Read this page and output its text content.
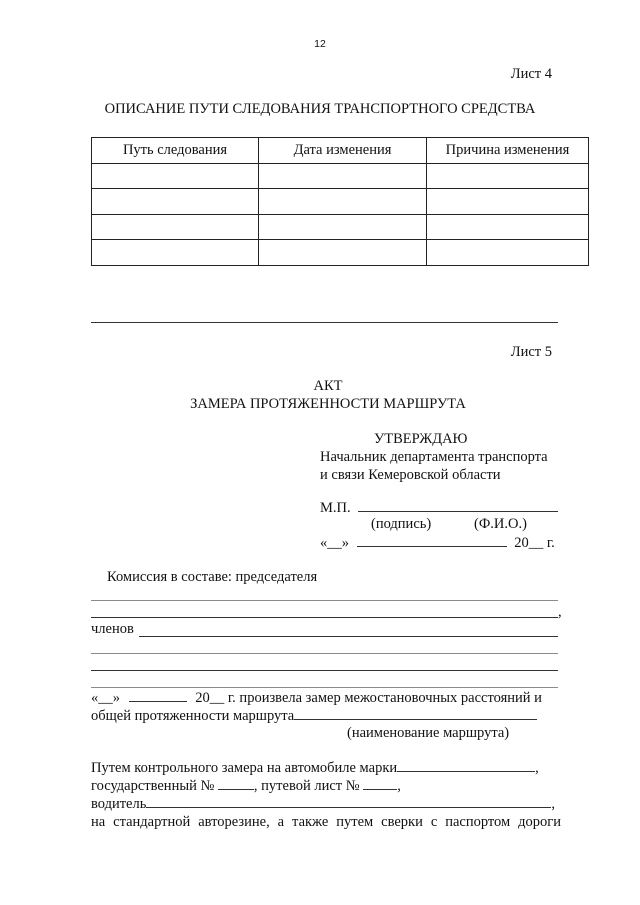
12
Лист 4
ОПИСАНИЕ ПУТИ СЛЕДОВАНИЯ ТРАНСПОРТНОГО СРЕДСТВА
Путь следования	Дата изменения	Причина изменения

Лист 5
АКТ
ЗАМЕРА ПРОТЯЖЕННОСТИ МАРШРУТА
УТВЕРЖДАЮ
Начальник департамента транспорта
и связи Кемеровской области
М.П.
(подпись)	(Ф.И.О.)
«__»	20__ г.
Комиссия в составе: председателя
,
членов
«__»	20__ г. произвела замер межостановочных расстояний и
общей протяженности маршрута
(наименование маршрута)
Путем контрольного замера на автомобиле марки	,
государственный №	, путевой лист №	,
водитель	,
на стандартной авторезине, а также путем сверки с паспортом дороги
